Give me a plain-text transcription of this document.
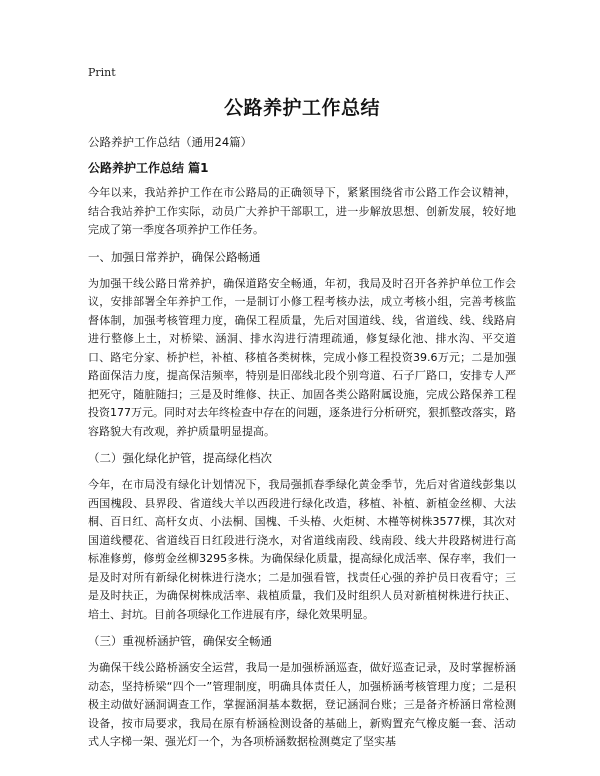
Print
公路养护工作总结
公路养护工作总结（通用24篇）
公路养护工作总结 篇1

今年以来，我站养护工作在市公路局的正确领导下，紧紧围绕省市公路工作会议精神，结合我站养护工作实际，动员广大养护干部职工，进一步解放思想、创新发展，较好地完成了第一季度各项养护工作任务。

一、加强日常养护，确保公路畅通

为加强干线公路日常养护，确保道路安全畅通，年初，我局及时召开各养护单位工作会议，安排部署全年养护工作，一是制订小修工程考核办法，成立考核小组，完善考核监督体制，加强考核管理力度，确保工程质量，先后对国道线、线，省道线、线、线路肩进行整修上土，对桥梁、涵洞、排水沟进行清理疏通，修复绿化池、排水沟、平交道口、路宅分家、桥护栏，补植、移植各类树株，完成小修工程投资39.6万元；二是加强路面保洁力度，提高保洁频率，特别是旧邵线北段个别弯道、石子厂路口，安排专人严把死守，随脏随扫；三是及时维修、扶正、加固各类公路附属设施，完成公路保养工程投资177万元。同时对去年终检查中存在的问题，逐条进行分析研究，狠抓整改落实，路容路貌大有改观，养护质量明显提高。

（二）强化绿化护管，提高绿化档次

今年，在市局没有绿化计划情况下，我局强抓春季绿化黄金季节，先后对省道线彭集以西国槐段、县界段、省道线大羊以西段进行绿化改造，移植、补植、新植金丝柳、大法桐、百日红、高杆女贞、小法桐、国槐、千头椿、火炬树、木槿等树株3577棵，其次对国道线樱花、省道线百日红段进行浇水，对省道线南段、线南段、线大井段路树进行高标准修剪，修剪金丝柳3295多株。为确保绿化质量，提高绿化成活率、保存率，我们一是及时对所有新绿化树株进行浇水；二是加强看管，找责任心强的养护员日夜看守；三是及时扶正，为确保树株成活率、栽植质量，我们及时组织人员对新植树株进行扶正、培土、封坑。目前各项绿化工作进展有序，绿化效果明显。

（三）重视桥涵护管，确保安全畅通

为确保干线公路桥涵安全运营，我局一是加强桥涵巡查，做好巡查记录，及时掌握桥涵动态，坚持桥梁“四个一”管理制度，明确具体责任人，加强桥涵考核管理力度；二是积极主动做好涵洞调查工作，掌握涵洞基本数据，登记涵洞台账；三是备齐桥涵日常检测设备，按市局要求，我局在原有桥涵检测设备的基础上，新购置充气橡皮艇一套、活动式人字梯一架、强光灯一个，为各项桥涵数据检测奠定了坚实基
